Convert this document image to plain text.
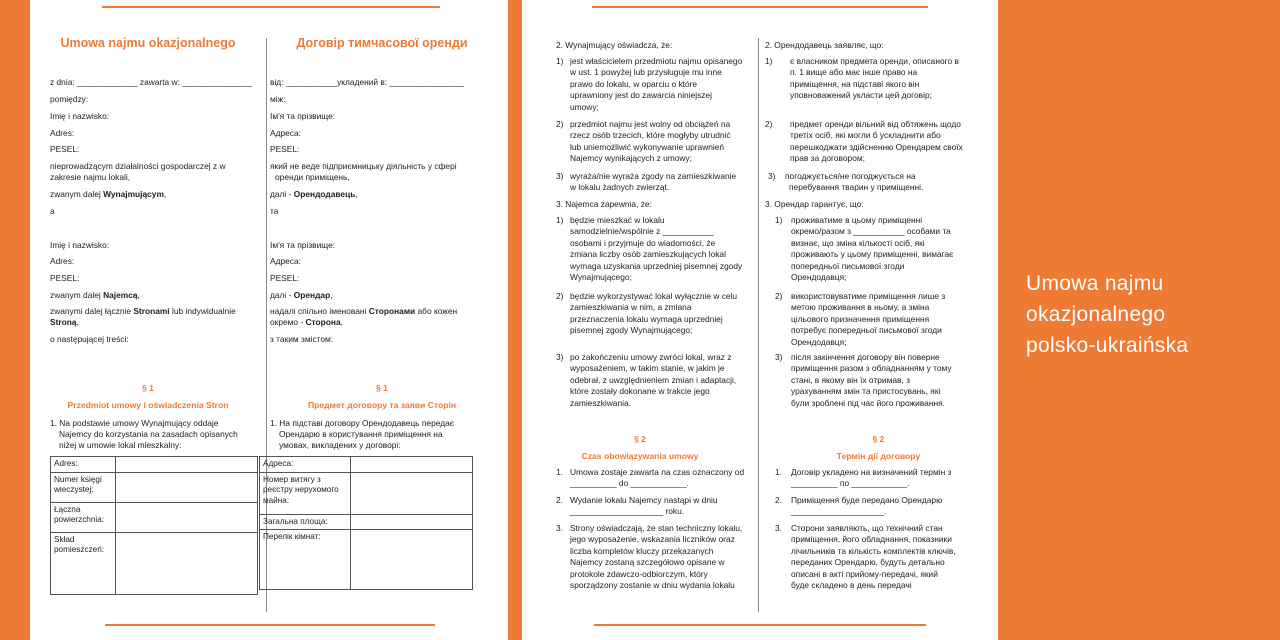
Umowa najmu okazjonalnego
z dnia: _____________ zawarta w: _______________
pomiędzy:
Imię i nazwisko:
Adres:
PESEL:
nieprowadzącym działalności gospodarczej z w
zakresie najmu lokali,
zwanym dalej Wynajmującym,
a
Imię i nazwisko:
Adres:
PESEL:
zwanym dalej Najemcą,
zwanymi dalej łącznie Stronami lub indywidualnie
Stroną,
o następującej treści:
§ 1
Przedmiot umowy i oświadczenia Stron
1. Na podstawie umowy Wynajmujący oddaje
Najemcy do korzystania na zasadach opisanych
niżej w umowie lokal mieszkalny:
Adres:	
Numer księgi wieczystej:	
Łączna powierzchnia:	
Skład pomieszczeń:	
Договір тимчасової оренди
від: ___________укладений в: ________________
між:
Ім'я та прізвище:
Адреса:
PESEL:
який не веде підприємницьку діяльність у сфері
оренди приміщень,
далі - Орендодавець,
та
Ім'я та прізвище:
Адреса:
PESEL:
далі - Орендар,
надалі спільно іменовані Сторонами або кожен
окремо - Сторона,
з таким змістом:
§ 1
Предмет договору та заяви Сторін
1. На підставі договору Орендодавець передає
Орендарю в користування приміщення на
умовах, викладених у договорі:
Адреса:	
Номер витягу з реєстру нерухомого майна:	
Загальна площа:	
Перелік кімнат:	
2. Wynajmujący oświadcza, że:
1) jest właścicielem przedmiotu najmu opisanego
w ust. 1 powyżej lub przysługuje mu inne
prawo do lokalu, w oparciu o które
uprawniony jest do zawarcia niniejszej
umowy;
2) przedmiot najmu jest wolny od obciążeń na
rzecz osób trzecich, które mogłyby utrudnić
lub uniemożliwić wykonywanie uprawnień
Najemcy wynikających z umowy;
3) wyraża/nie wyraża zgody na zamieszkiwanie
w lokalu żadnych zwierząt.
3. Najemca zapewnia, że:
1) będzie mieszkać w lokalu
samodzielnie/wspólnie z ___________
osobami i przyjmuje do wiadomości, że
zmiana liczby osób zamieszkujących lokal
wymaga uzyskania uprzedniej pisemnej zgody
Wynajmującego;
2) będzie wykorzystywać lokal wyłącznie w celu
zamieszkiwania w nim, a zmiana
przeznaczenia lokalu wymaga uprzedniej
pisemnej zgody Wynajmującego;
3) po zakończeniu umowy zwróci lokal, wraz z
wyposażeniem, w takim stanie, w jakim je
odebrał, z uwzględnieniem zmian i adaptacji,
które zostały dokonane w trakcie jego
zamieszkiwania.
§ 2
Czas obowiązywania umowy
1. Umowa zostaje zawarta na czas oznaczony od
__________ do ____________.
2. Wydanie lokalu Najemcy nastąpi w dniu
____________________ roku.
3. Strony oświadczają, że stan techniczny lokalu,
jego wyposażenie, wskazania liczników oraz
liczba kompletów kluczy przekazanych
Najemcy zostaną szczegółowo opisane w
protokole zdawczo-odbiorczym, który
sporządzony zostanie w dniu wydania lokalu
2. Орендодавець заявляє, що:
1) є власником предмета оренди, описаного в
п. 1 вище або має інше право на
приміщення, на підставі якого він
уповноважений укласти цей договір;
2) предмет оренди вільний від обтяжень щодо
третіх осіб, які могли б ускладнити або
перешкоджати здійсненню Орендарем своїх
прав за договором;
3) погоджується/не погоджується на
перебування тварин у приміщенні.
3. Орендар гарантує, що:
1) проживатиме в цьому приміщенні
окремо/разом з ___________ особами та
визнає, що зміна кількості осіб, які
проживають у цьому приміщенні, вимагає
попередньої письмової згоди
Орендодавця;
2) використовуватиме приміщення лише з
метою проживання в ньому, а зміна
цільового призначення приміщення
потребує попередньої письмової згоди
Орендодавця;
3) після закінчення договору він поверне
приміщення разом з обладнанням у тому
стані, в якому він їх отримав, з
урахуванням змін та пристосувань, які
були зроблені під час його проживання.
§ 2
Термін дії договору
1. Договір укладено на визначений термін з
__________ по ____________.
2. Приміщення буде передано Орендарю
____________________.
3. Сторони заявляють, що технічний стан
приміщення, його обладнання, показники
лічильників та кількість комплектів ключів,
переданих Орендарю, будуть детально
описані в акті прийому-передачі, який
буде складено в день передачі
Umowa najmu
okazjonalnego
polsko-ukraińska
